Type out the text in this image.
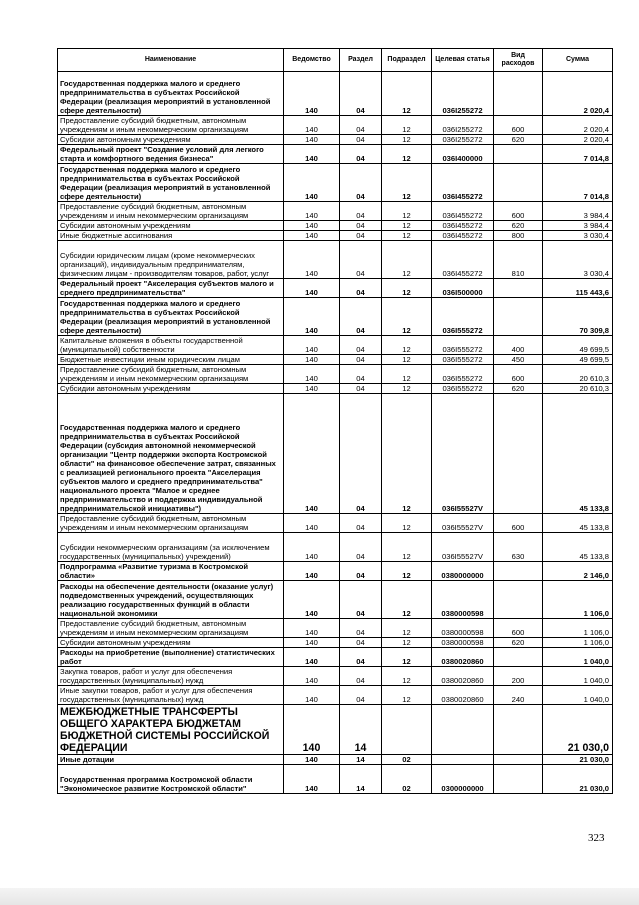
Наименование	Ведомство	Раздел	Подраздел	Целевая статья	Вид расходов	Сумма
Государственная поддержка малого и среднего предпринимательства в субъектах Российской Федерации (реализация мероприятий в установленной сфере деятельности)	140	04	12	036I255272		2 020,4
Предоставление субсидий бюджетным, автономным учреждениям и иным некоммерческим организациям	140	04	12	036I255272	600	2 020,4
Субсидии автономным учреждениям	140	04	12	036I255272	620	2 020,4
Федеральный проект "Создание условий для легкого старта и комфортного ведения бизнеса"	140	04	12	036I400000		7 014,8
Государственная поддержка малого и среднего предпринимательства в субъектах Российской Федерации (реализация мероприятий в установленной сфере деятельности)	140	04	12	036I455272		7 014,8
Предоставление субсидий бюджетным, автономным учреждениям и иным некоммерческим организациям	140	04	12	036I455272	600	3 984,4
Субсидии автономным учреждениям	140	04	12	036I455272	620	3 984,4
Иные бюджетные ассигнования	140	04	12	036I455272	800	3 030,4
Субсидии юридическим лицам (кроме некоммерческих организаций), индивидуальным предпринимателям, физическим лицам - производителям товаров, работ, услуг	140	04	12	036I455272	810	3 030,4
Федеральный проект "Акселерация субъектов малого и среднего предпринимательства"	140	04	12	036I500000		115 443,6
Государственная поддержка малого и среднего предпринимательства в субъектах Российской Федерации (реализация мероприятий в установленной сфере деятельности)	140	04	12	036I555272		70 309,8
Капитальные вложения в объекты государственной (муниципальной) собственности	140	04	12	036I555272	400	49 699,5
Бюджетные инвестиции иным юридическим лицам	140	04	12	036I555272	450	49 699,5
Предоставление субсидий бюджетным, автономным учреждениям и иным некоммерческим организациям	140	04	12	036I555272	600	20 610,3
Субсидии автономным учреждениям	140	04	12	036I555272	620	20 610,3
Государственная поддержка малого и среднего предпринимательства в субъектах Российской Федерации (субсидия автономной некоммерческой организации "Центр поддержки экспорта Костромской области" на финансовое обеспечение затрат, связанных с реализацией регионального проекта "Акселерация субъектов малого и среднего предпринимательства" национального проекта "Малое и среднее предпринимательство и поддержка индивидуальной предпринимательской инициативы")	140	04	12	036I55527V		45 133,8
Предоставление субсидий бюджетным, автономным учреждениям и иным некоммерческим организациям	140	04	12	036I55527V	600	45 133,8
Субсидии некоммерческим организациям (за исключением государственных (муниципальных) учреждений)	140	04	12	036I55527V	630	45 133,8
Подпрограмма «Развитие туризма в Костромской области»	140	04	12	0380000000		2 146,0
Расходы на обеспечение деятельности (оказание услуг) подведомственных учреждений, осуществляющих реализацию государственных функций в области национальной экономики	140	04	12	0380000598		1 106,0
Предоставление субсидий бюджетным, автономным учреждениям и иным некоммерческим организациям	140	04	12	0380000598	600	1 106,0
Субсидии автономным учреждениям	140	04	12	0380000598	620	1 106,0
Расходы на приобретение (выполнение) статистических работ	140	04	12	0380020860		1 040,0
Закупка товаров, работ и услуг для обеспечения государственных (муниципальных) нужд	140	04	12	0380020860	200	1 040,0
Иные закупки товаров, работ и услуг для обеспечения государственных (муниципальных) нужд	140	04	12	0380020860	240	1 040,0
МЕЖБЮДЖЕТНЫЕ ТРАНСФЕРТЫ ОБЩЕГО ХАРАКТЕРА БЮДЖЕТАМ БЮДЖЕТНОЙ СИСТЕМЫ РОССИЙСКОЙ ФЕДЕРАЦИИ	140	14				21 030,0
Иные дотации	140	14	02			21 030,0
Государственная программа Костромской области "Экономическое развитие Костромской области"	140	14	02	0300000000		21 030,0
323
